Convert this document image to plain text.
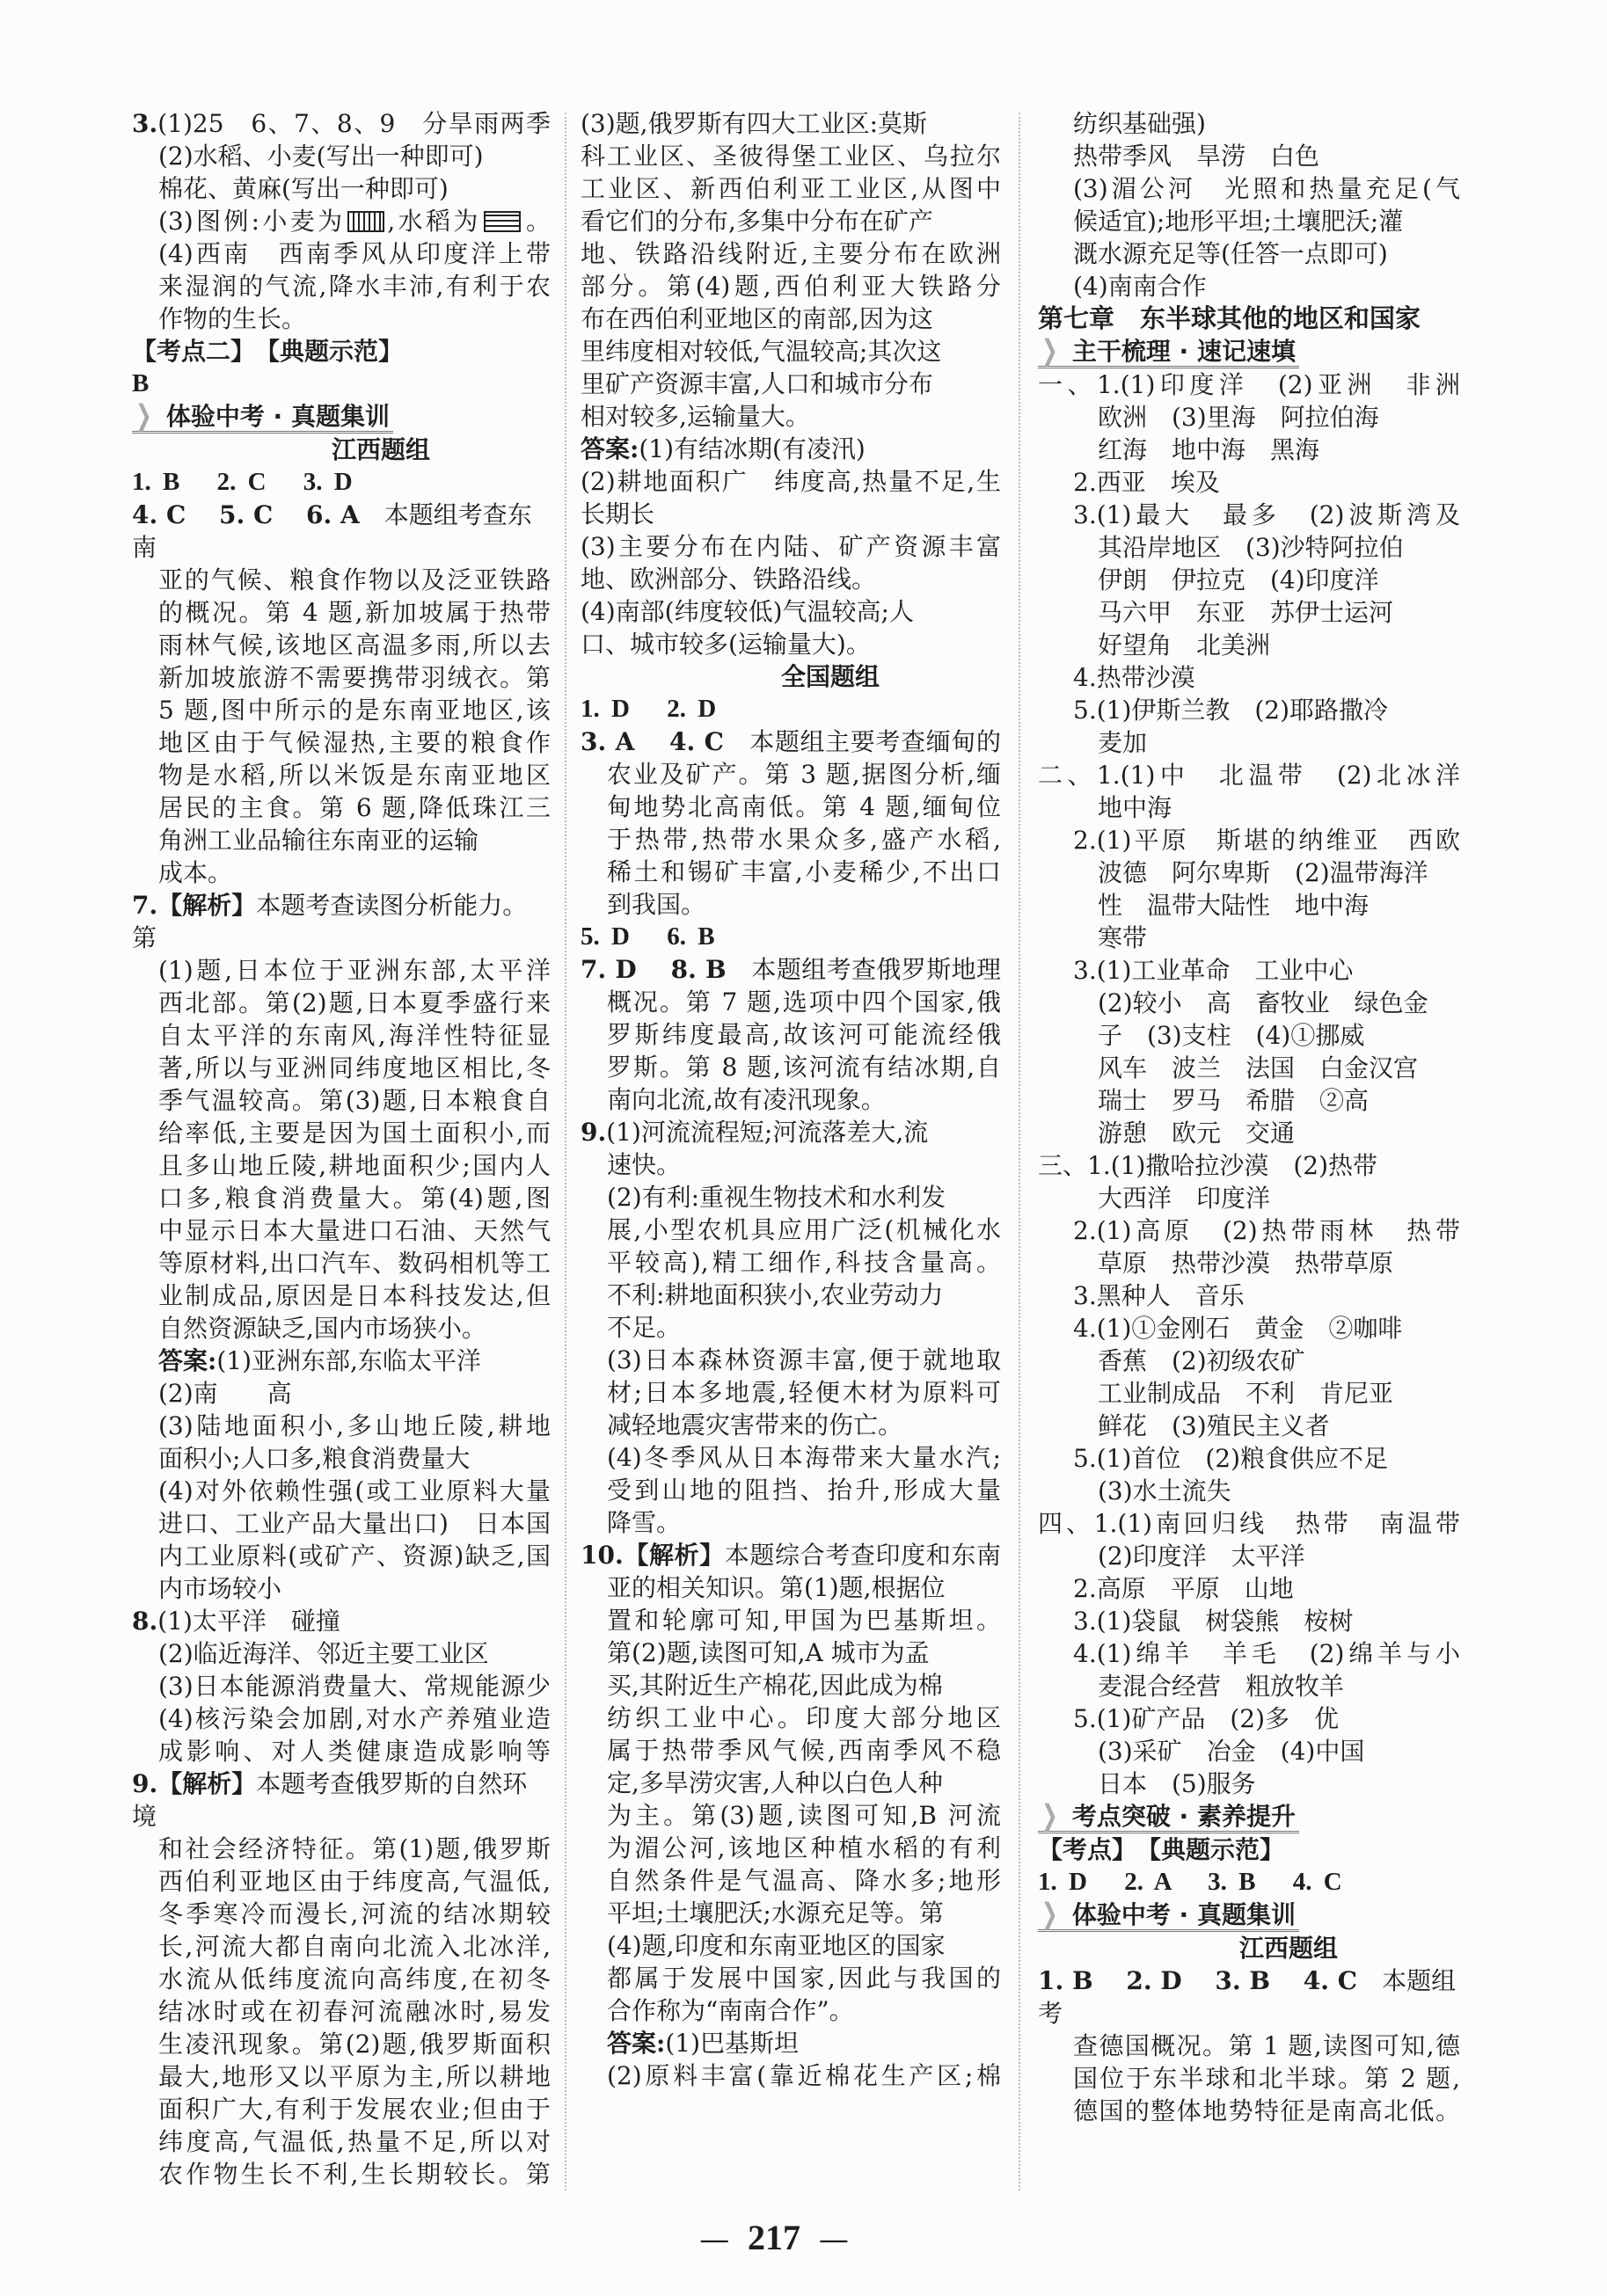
3.(1)25　6、7、8、9　分旱雨两季
(2)水稻、小麦(写出一种即可)
棉花、黄麻(写出一种即可)
(3)图例:小麦为 ,水稻为 。
(4)西南　西南季风从印度洋上带
来湿润的气流,降水丰沛,有利于农
作物的生长。
【考点二】　【典题示范】
B
❯ 体验中考 · 真题集训
江西题组
1. B　 2. C　 3. D
4. C　 5. C　 6. A　本题组考查东南
亚的气候、粮食作物以及泛亚铁路
的概况。第 4 题,新加坡属于热带
雨林气候,该地区高温多雨,所以去
新加坡旅游不需要携带羽绒衣。第
5 题,图中所示的是东南亚地区,该
地区由于气候湿热,主要的粮食作
物是水稻,所以米饭是东南亚地区
居民的主食。第 6 题,降低珠江三
角洲工业品输往东南亚的运输
成本。
7.【解析】本题考查读图分析能力。第
(1)题,日本位于亚洲东部,太平洋
西北部。第(2)题,日本夏季盛行来
自太平洋的东南风,海洋性特征显
著,所以与亚洲同纬度地区相比,冬
季气温较高。第(3)题,日本粮食自
给率低,主要是因为国土面积小,而
且多山地丘陵,耕地面积少;国内人
口多,粮食消费量大。第(4)题,图
中显示日本大量进口石油、天然气
等原材料,出口汽车、数码相机等工
业制成品,原因是日本科技发达,但
自然资源缺乏,国内市场狭小。
答案:(1)亚洲东部,东临太平洋
(2)南　　高
(3)陆地面积小,多山地丘陵,耕地
面积小;人口多,粮食消费量大
(4)对外依赖性强(或工业原料大量
进口、工业产品大量出口)　日本国
内工业原料(或矿产、资源)缺乏,国
内市场较小
8.(1)太平洋　碰撞
(2)临近海洋、邻近主要工业区
(3)日本能源消费量大、常规能源少
(4)核污染会加剧,对水产养殖业造
成影响、对人类健康造成影响等
9.【解析】本题考查俄罗斯的自然环境
和社会经济特征。第(1)题,俄罗斯
西伯利亚地区由于纬度高,气温低,
冬季寒冷而漫长,河流的结冰期较
长,河流大都自南向北流入北冰洋,
水流从低纬度流向高纬度,在初冬
结冰时或在初春河流融冰时,易发
生凌汛现象。第(2)题,俄罗斯面积
最大,地形又以平原为主,所以耕地
面积广大,有利于发展农业;但由于
纬度高,气温低,热量不足,所以对
农作物生长不利,生长期较长。第
(3)题,俄罗斯有四大工业区:莫斯
科工业区、圣彼得堡工业区、乌拉尔
工业区、新西伯利亚工业区,从图中
看它们的分布,多集中分布在矿产
地、铁路沿线附近,主要分布在欧洲
部分。第(4)题,西伯利亚大铁路分
布在西伯利亚地区的南部,因为这
里纬度相对较低,气温较高;其次这
里矿产资源丰富,人口和城市分布
相对较多,运输量大。
答案:(1)有结冰期(有凌汛)
(2)耕地面积广　纬度高,热量不足,生
长期长
(3)主要分布在内陆、矿产资源丰富
地、欧洲部分、铁路沿线。
(4)南部(纬度较低)气温较高;人
口、城市较多(运输量大)。
全国题组
1. D　 2. D
3. A　 4. C　本题组主要考查缅甸的
农业及矿产。第 3 题,据图分析,缅
甸地势北高南低。第 4 题,缅甸位
于热带,热带水果众多,盛产水稻,
稀土和锡矿丰富,小麦稀少,不出口
到我国。
5. D　 6. B
7. D　 8. B　本题组考查俄罗斯地理
概况。第 7 题,选项中四个国家,俄
罗斯纬度最高,故该河可能流经俄
罗斯。第 8 题,该河流有结冰期,自
南向北流,故有凌汛现象。
9.(1)河流流程短;河流落差大,流
速快。
(2)有利:重视生物技术和水利发
展,小型农机具应用广泛(机械化水
平较高),精工细作,科技含量高。
不利:耕地面积狭小,农业劳动力
不足。
(3)日本森林资源丰富,便于就地取
材;日本多地震,轻便木材为原料可
减轻地震灾害带来的伤亡。
(4)冬季风从日本海带来大量水汽;
受到山地的阻挡、抬升,形成大量
降雪。
10.【解析】本题综合考查印度和东南
亚的相关知识。第(1)题,根据位
置和轮廓可知,甲国为巴基斯坦。
第(2)题,读图可知,A 城市为孟
买,其附近生产棉花,因此成为棉
纺织工业中心。印度大部分地区
属于热带季风气候,西南季风不稳
定,多旱涝灾害,人种以白色人种
为主。第(3)题,读图可知,B 河流
为湄公河,该地区种植水稻的有利
自然条件是气温高、降水多;地形
平坦;土壤肥沃;水源充足等。第
(4)题,印度和东南亚地区的国家
都属于发展中国家,因此与我国的
合作称为“南南合作”。
答案:(1)巴基斯坦
(2)原料丰富(靠近棉花生产区;棉
纺织基础强)
热带季风　旱涝　白色
(3)湄公河　光照和热量充足(气
候适宜);地形平坦;土壤肥沃;灌
溉水源充足等(任答一点即可)
(4)南南合作
第七章　东半球其他的地区和国家
❯ 主干梳理 · 速记速填
一、1.(1)印度洋　(2)亚洲　非洲
欧洲　(3)里海　阿拉伯海
红海　地中海　黑海
2.西亚　埃及
3.(1)最大　最多　(2)波斯湾及
其沿岸地区　(3)沙特阿拉伯
伊朗　伊拉克　(4)印度洋
马六甲　东亚　苏伊士运河
好望角　北美洲
4.热带沙漠
5.(1)伊斯兰教　(2)耶路撒冷
麦加
二、1.(1)中　北温带　(2)北冰洋
地中海
2.(1)平原　斯堪的纳维亚　西欧
波德　阿尔卑斯　(2)温带海洋
性　温带大陆性　地中海
寒带
3.(1)工业革命　工业中心
(2)较小　高　畜牧业　绿色金
子　(3)支柱　(4)①挪威
风车　波兰　法国　白金汉宫
瑞士　罗马　希腊　②高
游憩　欧元　交通
三、1.(1)撒哈拉沙漠　(2)热带
大西洋　印度洋
2.(1)高原　(2)热带雨林　热带
草原　热带沙漠　热带草原
3.黑种人　音乐
4.(1)①金刚石　黄金　②咖啡
香蕉　(2)初级农矿
工业制成品　不利　肯尼亚
鲜花　(3)殖民主义者
5.(1)首位　(2)粮食供应不足
(3)水土流失
四、1.(1)南回归线　热带　南温带
(2)印度洋　太平洋
2.高原　平原　山地
3.(1)袋鼠　树袋熊　桉树
4.(1)绵羊　羊毛　(2)绵羊与小
麦混合经营　粗放牧羊
5.(1)矿产品　(2)多　优
(3)采矿　冶金　(4)中国
日本　(5)服务
❯ 考点突破 · 素养提升
【考点】　【典题示范】
1. D　 2. A　 3. B　 4. C
❯ 体验中考 · 真题集训
江西题组
1. B　 2. D　 3. B　 4. C　本题组考
查德国概况。第 1 题,读图可知,德
国位于东半球和北半球。第 2 题,
德国的整体地势特征是南高北低。
— 217 —
